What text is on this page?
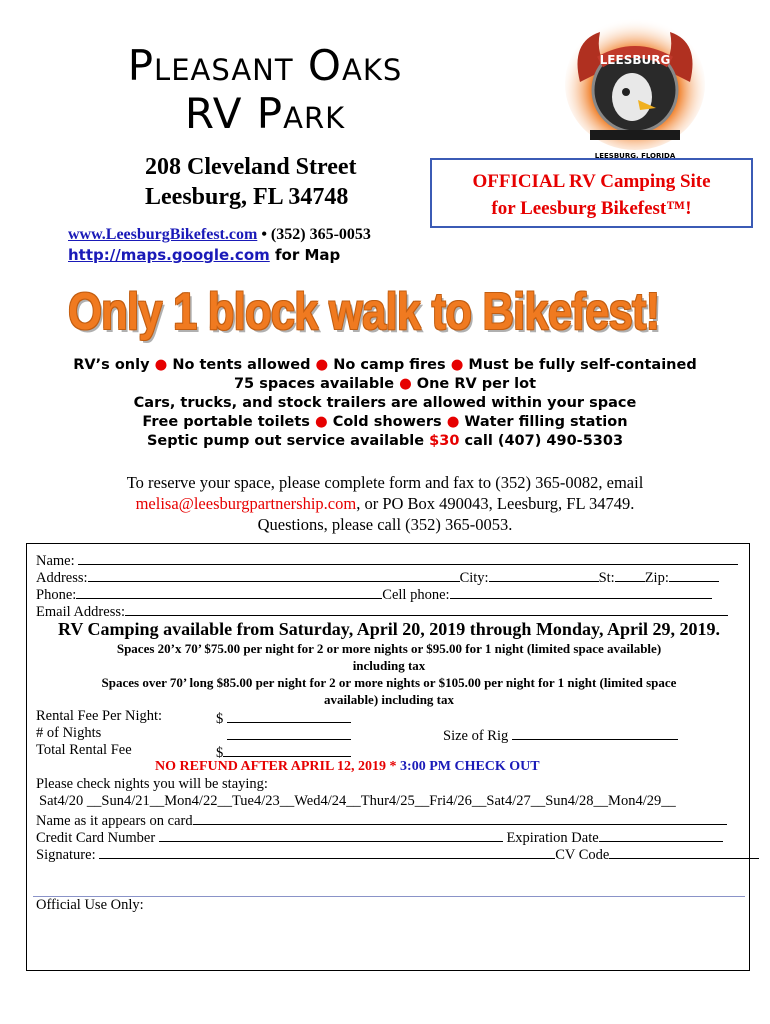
Pleasant Oaks
RV Park
LEESBURG
LEESBURG, FLORIDA
208 Cleveland Street
Leesburg, FL 34748
OFFICIAL RV Camping Site
for Leesburg Bikefest™!
www.LeesburgBikefest.com • (352) 365-0053
http://maps.google.com for Map
Only 1 block walk to Bikefest!
RV’s only ● No tents allowed ● No camp fires ● Must be fully self-contained
75 spaces available ● One RV per lot
Cars, trucks, and stock trailers are allowed within your space
Free portable toilets ● Cold showers ● Water filling station
Septic pump out service available $30 call (407) 490-5303
To reserve your space, please complete form and fax to (352) 365-0082, email
melisa@leesburgpartnership.com, or PO Box 490043, Leesburg, FL 34749.
Questions, please call (352) 365-0053.
Name:
Address:	City:	St: Zip:
Phone:	Cell phone:
Email Address:
RV Camping available from Saturday, April 20, 2019 through Monday, April 29, 2019.
Spaces 20’x 70’ $75.00 per night for 2 or more nights or $95.00 for 1 night (limited space available)
including tax
Spaces over 70’ long $85.00 per night for 2 or more nights or $105.00 per night for 1 night (limited space
available) including tax
Rental Fee Per Night:	$
# of Nights	Size of Rig
Total Rental Fee	$
NO REFUND AFTER APRIL 12, 2019 * 3:00 PM CHECK OUT
Please check nights you will be staying:
Sat4/20 __Sun4/21__Mon4/22__Tue4/23__Wed4/24__Thur4/25__Fri4/26__Sat4/27__Sun4/28__Mon4/29__
Name as it appears on card
Credit Card Number	Expiration Date
Signature:	CV Code
Official Use Only:
